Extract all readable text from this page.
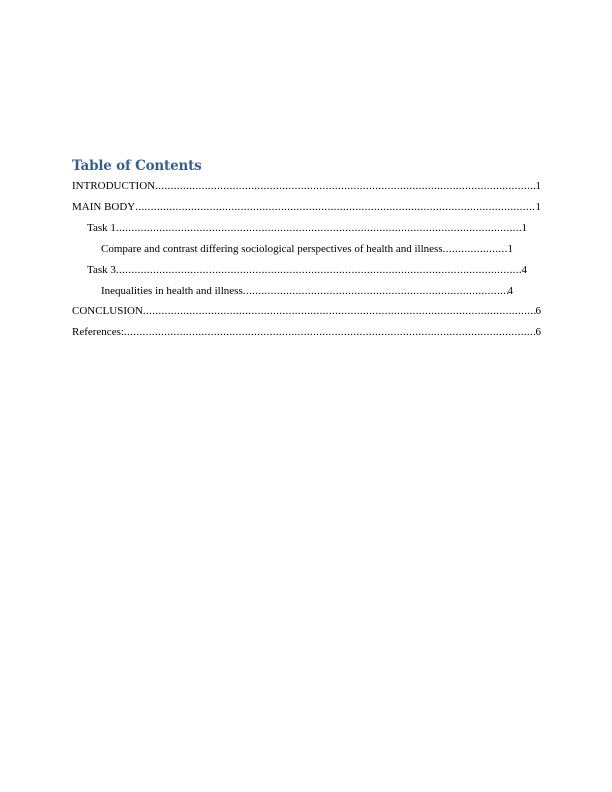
Table of Contents
INTRODUCTION .....	1
MAIN BODY .....	1
Task 1 .....	1
Compare and contrast differing sociological perspectives of health and illness .....	1
Task 3 .....	4
Inequalities in health and illness .....	4
CONCLUSION .....	6
References: .....	6
